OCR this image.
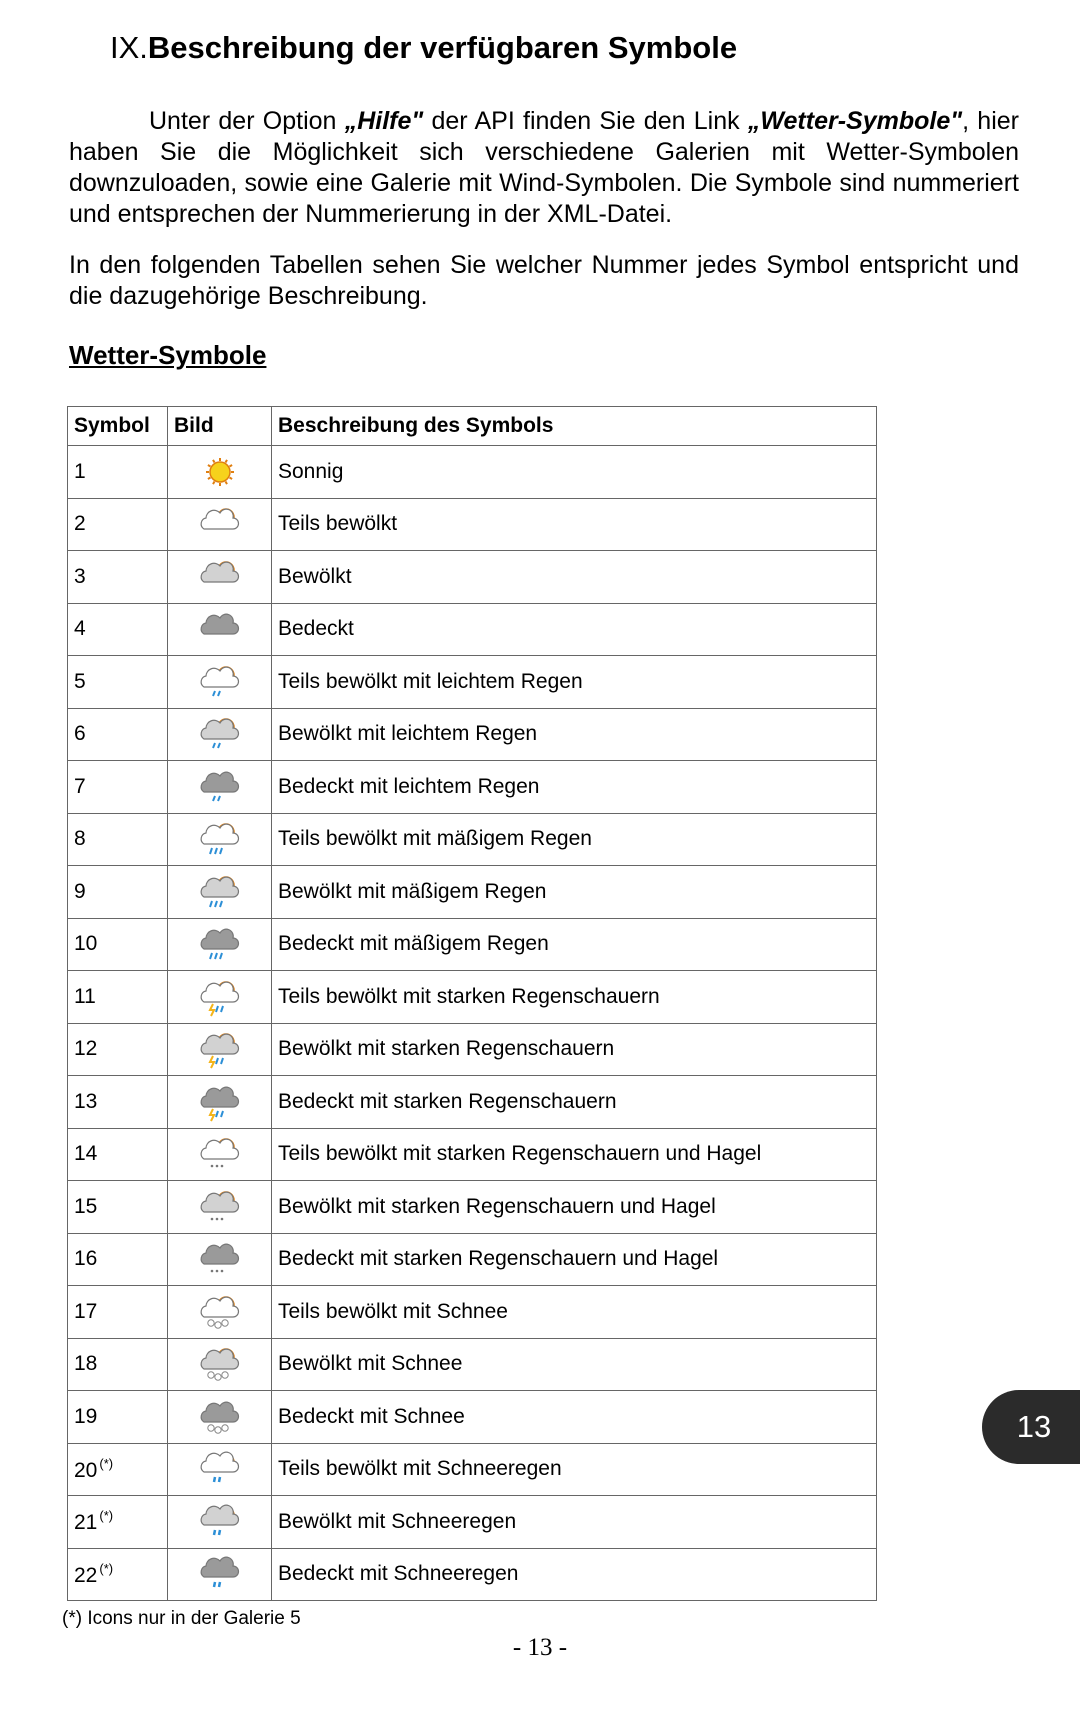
IX.Beschreibung der verfügbaren Symbole
Unter der Option „Hilfe" der API finden Sie den Link „Wetter-Symbole", hier haben Sie die Möglichkeit sich verschiedene Galerien mit Wetter-Symbolen downzuloaden, sowie eine Galerie mit Wind-Symbolen. Die Symbole sind nummeriert und entsprechen der Nummerierung in der XML-Datei.
In den folgenden Tabellen sehen Sie welcher Nummer jedes Symbol entspricht und die dazugehörige Beschreibung.
Wetter-Symbole
Symbol	Bild	Beschreibung des Symbols
1		Sonnig
2		Teils bewölkt
3		Bewölkt
4		Bedeckt
5		Teils bewölkt mit leichtem Regen
6		Bewölkt mit leichtem Regen
7		Bedeckt mit leichtem Regen
8		Teils bewölkt mit mäßigem Regen
9		Bewölkt mit mäßigem Regen
10		Bedeckt mit mäßigem Regen
11		Teils bewölkt mit starken Regenschauern
12		Bewölkt mit starken Regenschauern
13		Bedeckt mit starken Regenschauern
14		Teils bewölkt mit starken Regenschauern und Hagel
15		Bewölkt mit starken Regenschauern und Hagel
16		Bedeckt mit starken Regenschauern und Hagel
17		Teils bewölkt mit Schnee
18		Bewölkt mit Schnee
19		Bedeckt mit Schnee
20 (*)		Teils bewölkt mit Schneeregen
21 (*)		Bewölkt mit Schneeregen
22 (*)		Bedeckt mit Schneeregen
(*) Icons nur in der Galerie 5
- 13 -
13
